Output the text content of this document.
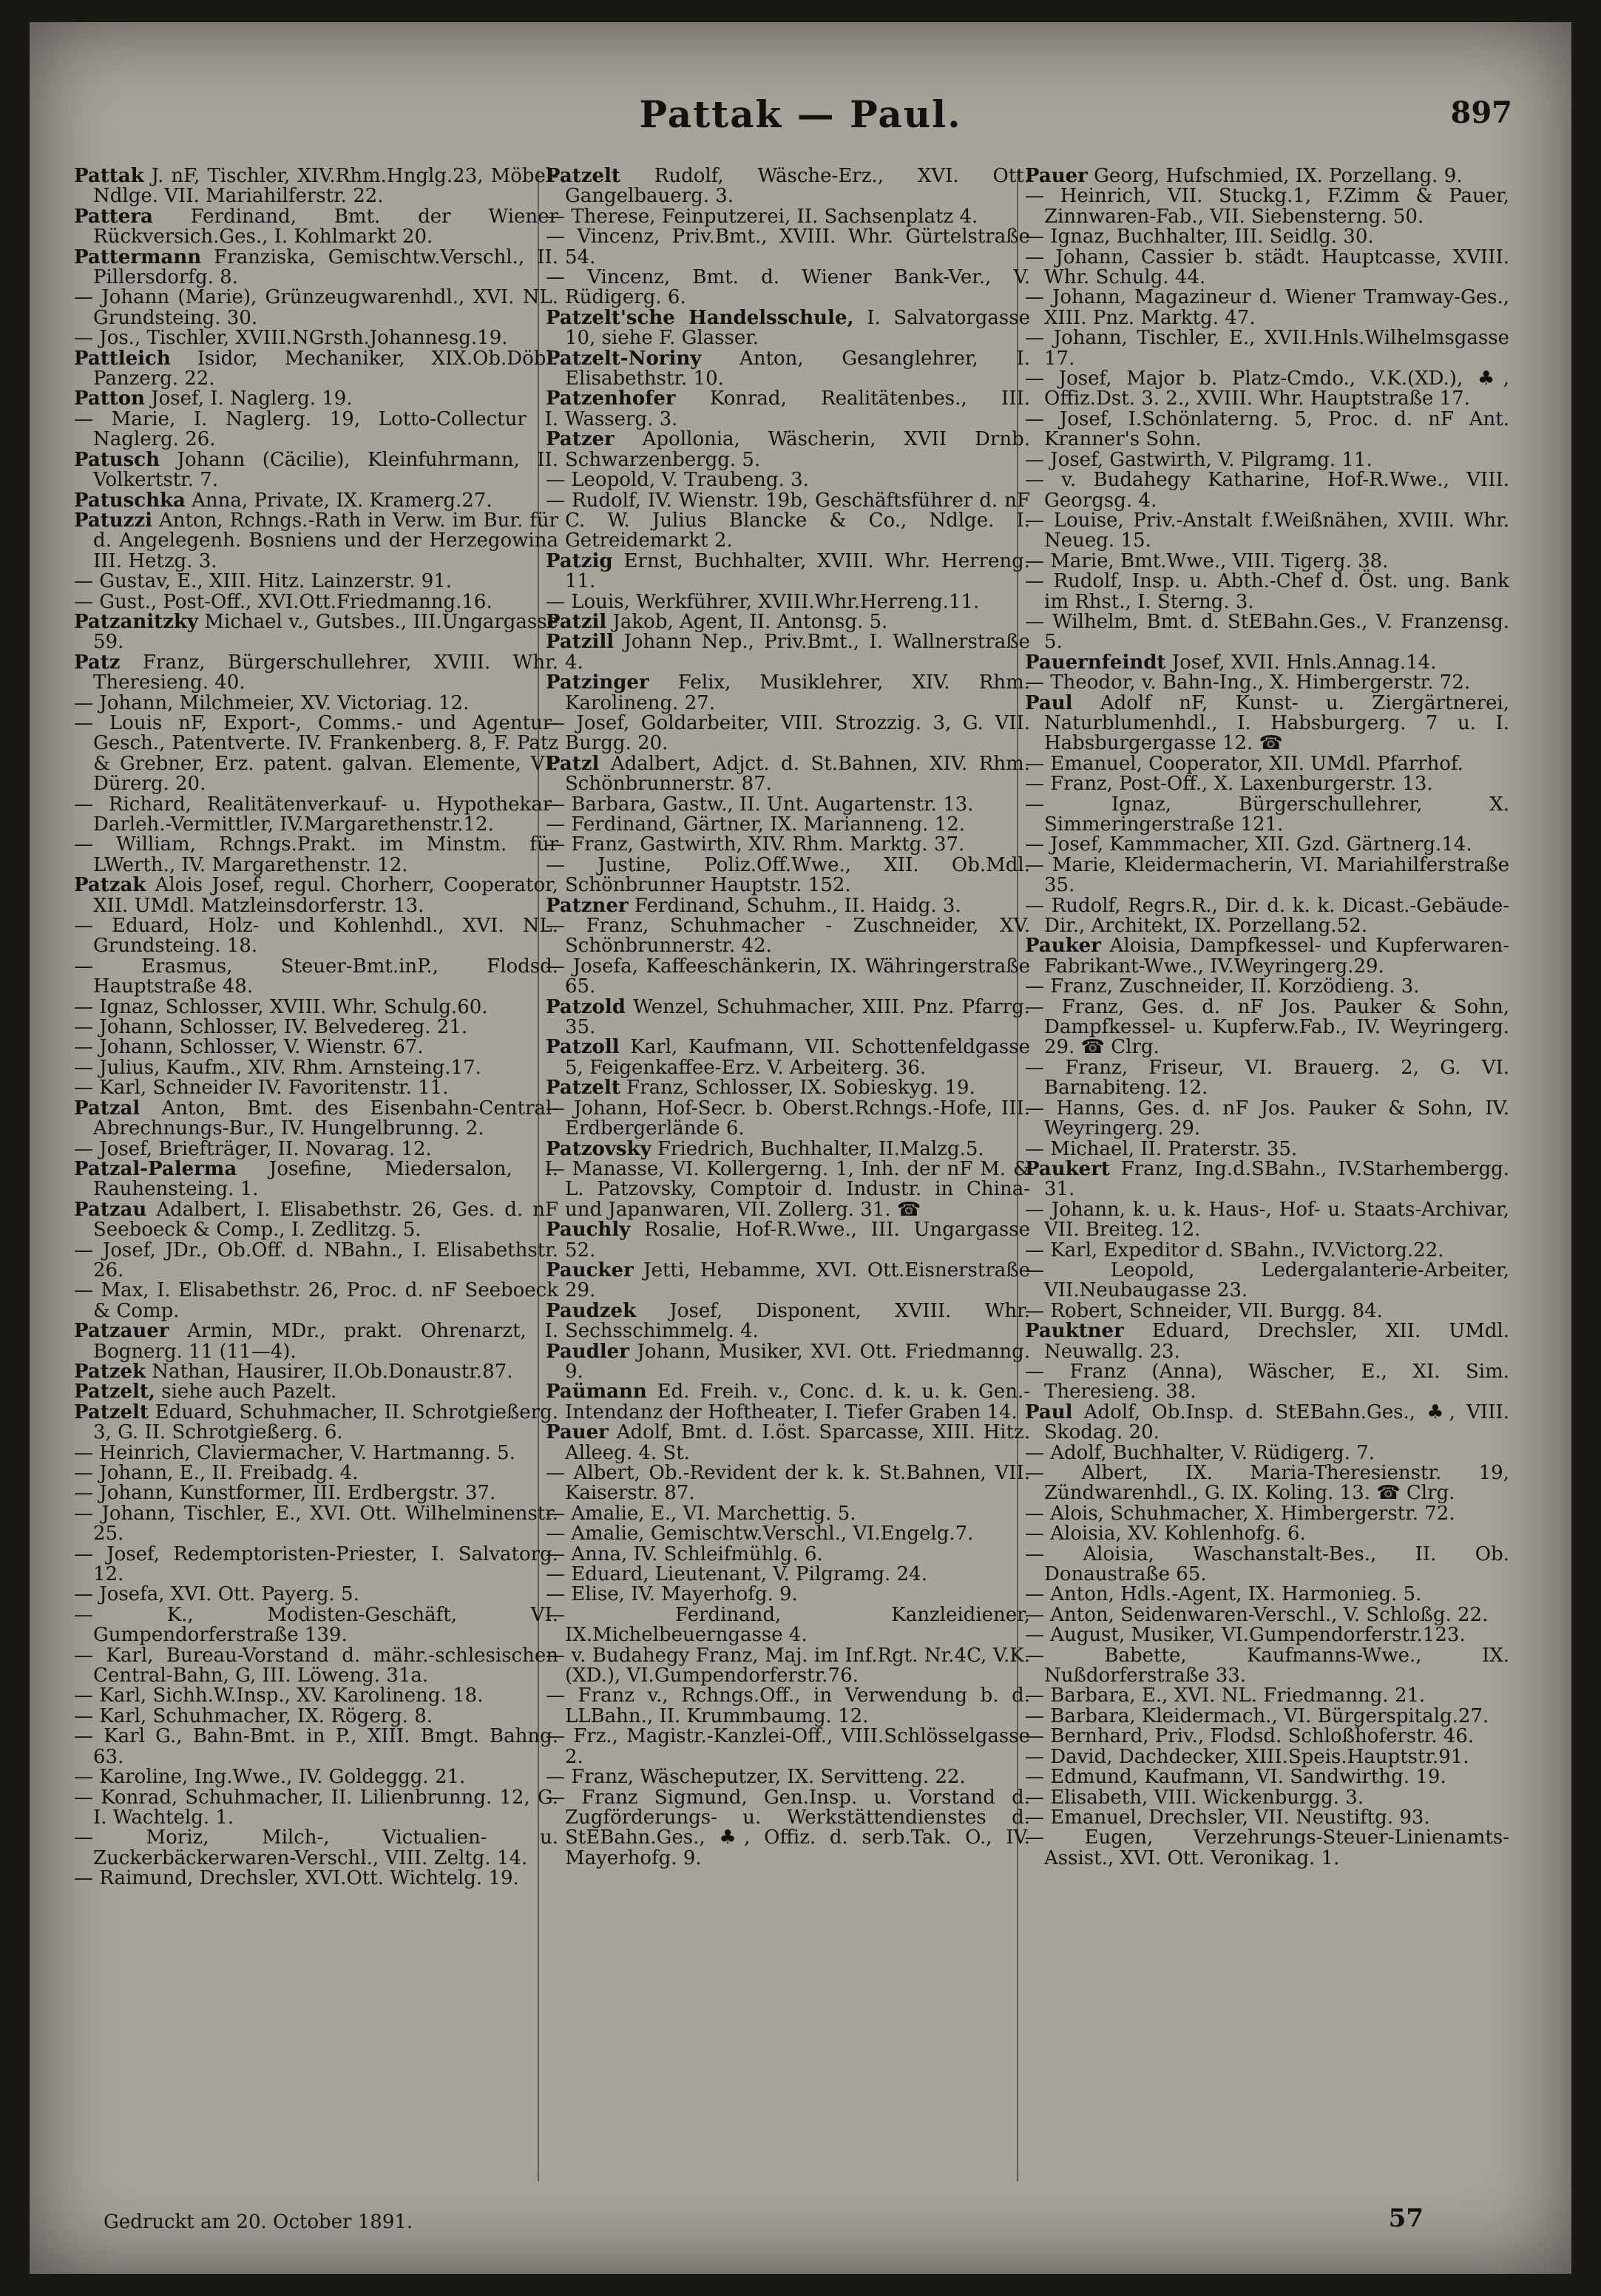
Pattak — Paul.	897

Pattak J. nF, Tischler, XIV.Rhm.Hnglg.23, Möbel-Ndlge. VII. Mariahilferstr. 22.

Pattera Ferdinand, Bmt. der Wiener Rückversich.Ges., I. Kohlmarkt 20.

Pattermann Franziska, Gemischtw.Verschl., II. Pillersdorfg. 8.

— Johann (Marie), Grünzeugwarenhdl., XVI. NL. Grundsteing. 30.

— Jos., Tischler, XVIII.NGrsth.Johannesg.19.

Pattleich Isidor, Mechaniker, XIX.Ob.Döbl. Panzerg. 22.

Patton Josef, I. Naglerg. 19.

— Marie, I. Naglerg. 19, Lotto-Collectur I. Naglerg. 26.

Patusch Johann (Cäcilie), Kleinfuhrmann, II. Volkertstr. 7.

Patuschka Anna, Private, IX. Kramerg.27.

Patuzzi Anton, Rchngs.-Rath in Verw. im Bur. für d. Angelegenh. Bosniens und der Herzegowina III. Hetzg. 3.

— Gustav, E., XIII. Hitz. Lainzerstr. 91.

— Gust., Post-Off., XVI.Ott.Friedmanng.16.

Patzanitzky Michael v., Gutsbes., III.Ungargasse 59.

Patz Franz, Bürgerschullehrer, XVIII. Whr. Theresieng. 40.

— Johann, Milchmeier, XV. Victoriag. 12.

— Louis nF, Export-, Comms.- und Agentur-Gesch., Patentverte. IV. Frankenberg. 8, F. Patz & Grebner, Erz. patent. galvan. Elemente, VI. Dürerg. 20.

— Richard, Realitätenverkauf- u. Hypothekar-Darleh.-Vermittler, IV.Margarethenstr.12.

— William, Rchngs.Prakt. im Minstm. für LWerth., IV. Margarethenstr. 12.

Patzak Alois Josef, regul. Chorherr, Cooperator, XII. UMdl. Matzleinsdorferstr. 13.

— Eduard, Holz- und Kohlenhdl., XVI. NL. Grundsteing. 18.

— Erasmus, Steuer-Bmt.inP., Flodsd. Hauptstraße 48.

— Ignaz, Schlosser, XVIII. Whr. Schulg.60.

— Johann, Schlosser, IV. Belvedereg. 21.

— Johann, Schlosser, V. Wienstr. 67.

— Julius, Kaufm., XIV. Rhm. Arnsteing.17.

— Karl, Schneider IV. Favoritenstr. 11.

Patzal Anton, Bmt. des Eisenbahn-Central-Abrechnungs-Bur., IV. Hungelbrunng. 2.

— Josef, Briefträger, II. Novarag. 12.

Patzal-Palerma Josefine, Miedersalon, I. Rauhensteing. 1.

Patzau Adalbert, I. Elisabethstr. 26, Ges. d. nF Seeboeck & Comp., I. Zedlitzg. 5.

— Josef, JDr., Ob.Off. d. NBahn., I. Elisabethstr. 26.

— Max, I. Elisabethstr. 26, Proc. d. nF Seeboeck & Comp.

Patzauer Armin, MDr., prakt. Ohrenarzt, I. Bognerg. 11 (11—4).

Patzek Nathan, Hausirer, II.Ob.Donaustr.87.

Patzelt, siehe auch Pazelt.

Patzelt Eduard, Schuhmacher, II. Schrotgießerg. 3, G. II. Schrotgießerg. 6.

— Heinrich, Claviermacher, V. Hartmanng. 5.

— Johann, E., II. Freibadg. 4.

— Johann, Kunstformer, III. Erdbergstr. 37.

— Johann, Tischler, E., XVI. Ott. Wilhelminenstr. 25.

— Josef, Redemptoristen-Priester, I. Salvatorg. 12.

— Josefa, XVI. Ott. Payerg. 5.

— K., Modisten-Geschäft, VI. Gumpendorferstraße 139.

— Karl, Bureau-Vorstand d. mähr.-schlesischen Central-Bahn, G, III. Löweng. 31a.

— Karl, Sichh.W.Insp., XV. Karolineng. 18.

— Karl, Schuhmacher, IX. Rögerg. 8.

— Karl G., Bahn-Bmt. in P., XIII. Bmgt. Bahng. 63.

— Karoline, Ing.Wwe., IV. Goldeggg. 21.

— Konrad, Schuhmacher, II. Lilienbrunng. 12, G. I. Wachtelg. 1.

— Moriz, Milch-, Victualien- u. Zuckerbäckerwaren-Verschl., VIII. Zeltg. 14.

— Raimund, Drechsler, XVI.Ott. Wichtelg. 19.

Patzelt Rudolf, Wäsche-Erz., XVI. Ott. Gangelbauerg. 3.

— Therese, Feinputzerei, II. Sachsenplatz 4.

— Vincenz, Priv.Bmt., XVIII. Whr. Gürtelstraße 54.

— Vincenz, Bmt. d. Wiener Bank-Ver., V. Rüdigerg. 6.

Patzelt'sche Handelsschule, I. Salvatorgasse 10, siehe F. Glasser.

Patzelt-Noriny Anton, Gesanglehrer, I. Elisabethstr. 10.

Patzenhofer Konrad, Realitätenbes., III. Wasserg. 3.

Patzer Apollonia, Wäscherin, XVII Drnb. Schwarzenbergg. 5.

— Leopold, V. Traubeng. 3.

— Rudolf, IV. Wienstr. 19b, Geschäftsführer d. nF C. W. Julius Blancke & Co., Ndlge. I. Getreidemarkt 2.

Patzig Ernst, Buchhalter, XVIII. Whr. Herreng. 11.

— Louis, Werkführer, XVIII.Whr.Herreng.11.

Patzil Jakob, Agent, II. Antonsg. 5.

Patzill Johann Nep., Priv.Bmt., I. Wallnerstraße 4.

Patzinger Felix, Musiklehrer, XIV. Rhm. Karolineng. 27.

— Josef, Goldarbeiter, VIII. Strozzig. 3, G. VII. Burgg. 20.

Patzl Adalbert, Adjct. d. St.Bahnen, XIV. Rhm. Schönbrunnerstr. 87.

— Barbara, Gastw., II. Unt. Augartenstr. 13.

— Ferdinand, Gärtner, IX. Marianneng. 12.

— Franz, Gastwirth, XIV. Rhm. Marktg. 37.

— Justine, Poliz.Off.Wwe., XII. Ob.Mdl. Schönbrunner Hauptstr. 152.

Patzner Ferdinand, Schuhm., II. Haidg. 3.

— Franz, Schuhmacher - Zuschneider, XV. Schönbrunnerstr. 42.

— Josefa, Kaffeeschänkerin, IX. Währingerstraße 65.

Patzold Wenzel, Schuhmacher, XIII. Pnz. Pfarrg. 35.

Patzoll Karl, Kaufmann, VII. Schottenfeldgasse 5, Feigenkaffee-Erz. V. Arbeiterg. 36.

Patzelt Franz, Schlosser, IX. Sobieskyg. 19.

— Johann, Hof-Secr. b. Oberst.Rchngs.-Hofe, III. Erdbergerlände 6.

Patzovsky Friedrich, Buchhalter, II.Malzg.5.

— Manasse, VI. Kollergerng. 1, Inh. der nF M. & L. Patzovsky, Comptoir d. Industr. in China- und Japanwaren, VII. Zollerg. 31. ☎

Pauchly Rosalie, Hof-R.Wwe., III. Ungargasse 52.

Paucker Jetti, Hebamme, XVI. Ott.Eisnerstraße 29.

Paudzek Josef, Disponent, XVIII. Whr. Sechsschimmelg. 4.

Paudler Johann, Musiker, XVI. Ott. Friedmanng. 9.

Paümann Ed. Freih. v., Conc. d. k. u. k. Gen.-Intendanz der Hoftheater, I. Tiefer Graben 14.

Pauer Adolf, Bmt. d. I.öst. Sparcasse, XIII. Hitz. Alleeg. 4. St.

— Albert, Ob.-Revident der k. k. St.Bahnen, VII. Kaiserstr. 87.

— Amalie, E., VI. Marchettig. 5.

— Amalie, Gemischtw.Verschl., VI.Engelg.7.

— Anna, IV. Schleifmühlg. 6.

— Eduard, Lieutenant, V. Pilgramg. 24.

— Elise, IV. Mayerhofg. 9.

— Ferdinand, Kanzleidiener, IX.Michelbeuerngasse 4.

— v. Budahegy Franz, Maj. im Inf.Rgt. Nr.4C, V.K.(XD.), VI.Gumpendorferstr.76.

— Franz v., Rchngs.Off., in Verwendung b. d. LLBahn., II. Krummbaumg. 12.

— Frz., Magistr.-Kanzlei-Off., VIII.Schlösselgasse 2.

— Franz, Wäscheputzer, IX. Servitteng. 22.

— Franz Sigmund, Gen.Insp. u. Vorstand d. Zugförderungs- u. Werkstättendienstes d. StEBahn.Ges., ♣, Offiz. d. serb.Tak. O., IV. Mayerhofg. 9.

Pauer Georg, Hufschmied, IX. Porzellang. 9.

— Heinrich, VII. Stuckg.1, F.Zimm & Pauer, Zinnwaren-Fab., VII. Siebensterng. 50.

— Ignaz, Buchhalter, III. Seidlg. 30.

— Johann, Cassier b. städt. Hauptcasse, XVIII. Whr. Schulg. 44.

— Johann, Magazineur d. Wiener Tramway-Ges., XIII. Pnz. Marktg. 47.

— Johann, Tischler, E., XVII.Hnls.Wilhelmsgasse 17.

— Josef, Major b. Platz-Cmdo., V.K.(XD.), ♣, Offiz.Dst. 3. 2., XVIII. Whr. Hauptstraße 17.

— Josef, I.Schönlaterng. 5, Proc. d. nF Ant. Kranner's Sohn.

— Josef, Gastwirth, V. Pilgramg. 11.

— v. Budahegy Katharine, Hof-R.Wwe., VIII. Georgsg. 4.

— Louise, Priv.-Anstalt f.Weißnähen, XVIII. Whr. Neueg. 15.

— Marie, Bmt.Wwe., VIII. Tigerg. 38.

— Rudolf, Insp. u. Abth.-Chef d. Öst. ung. Bank im Rhst., I. Sterng. 3.

— Wilhelm, Bmt. d. StEBahn.Ges., V. Franzensg. 5.

Pauernfeindt Josef, XVII. Hnls.Annag.14.

— Theodor, v. Bahn-Ing., X. Himbergerstr. 72.

Paul Adolf nF, Kunst- u. Ziergärtnerei, Naturblumenhdl., I. Habsburgerg. 7 u. I. Habsburgergasse 12. ☎

— Emanuel, Cooperator, XII. UMdl. Pfarrhof.

— Franz, Post-Off., X. Laxenburgerstr. 13.

— Ignaz, Bürgerschullehrer, X. Simmeringerstraße 121.

— Josef, Kammmacher, XII. Gzd. Gärtnerg.14.

— Marie, Kleidermacherin, VI. Mariahilferstraße 35.

— Rudolf, Regrs.R., Dir. d. k. k. Dicast.-Gebäude-Dir., Architekt, IX. Porzellang.52.

Pauker Aloisia, Dampfkessel- und Kupferwaren-Fabrikant-Wwe., IV.Weyringerg.29.

— Franz, Zuschneider, II. Korzödieng. 3.

— Franz, Ges. d. nF Jos. Pauker & Sohn, Dampfkessel- u. Kupferw.Fab., IV. Weyringerg. 29. ☎ Clrg.

— Franz, Friseur, VI. Brauerg. 2, G. VI. Barnabiteng. 12.

— Hanns, Ges. d. nF Jos. Pauker & Sohn, IV. Weyringerg. 29.

— Michael, II. Praterstr. 35.

Paukert Franz, Ing.d.SBahn., IV.Starhembergg. 31.

— Johann, k. u. k. Haus-, Hof- u. Staats-Archivar, VII. Breiteg. 12.

— Karl, Expeditor d. SBahn., IV.Victorg.22.

— Leopold, Ledergalanterie-Arbeiter, VII.Neubaugasse 23.

— Robert, Schneider, VII. Burgg. 84.

Pauktner Eduard, Drechsler, XII. UMdl. Neuwallg. 23.

— Franz (Anna), Wäscher, E., XI. Sim. Theresieng. 38.

Paul Adolf, Ob.Insp. d. StEBahn.Ges., ♣, VIII. Skodag. 20.

— Adolf, Buchhalter, V. Rüdigerg. 7.

— Albert, IX. Maria-Theresienstr. 19, Zündwarenhdl., G. IX. Koling. 13. ☎ Clrg.

— Alois, Schuhmacher, X. Himbergerstr. 72.

— Aloisia, XV. Kohlenhofg. 6.

— Aloisia, Waschanstalt-Bes., II. Ob. Donaustraße 65.

— Anton, Hdls.-Agent, IX. Harmonieg. 5.

— Anton, Seidenwaren-Verschl., V. Schloßg. 22.

— August, Musiker, VI.Gumpendorferstr.123.

— Babette, Kaufmanns-Wwe., IX. Nußdorferstraße 33.

— Barbara, E., XVI. NL. Friedmanng. 21.

— Barbara, Kleidermach., VI. Bürgerspitalg.27.

— Bernhard, Priv., Flodsd. Schloßhoferstr. 46.

— David, Dachdecker, XIII.Speis.Hauptstr.91.

— Edmund, Kaufmann, VI. Sandwirthg. 19.

— Elisabeth, VIII. Wickenburgg. 3.

— Emanuel, Drechsler, VII. Neustiftg. 93.

— Eugen, Verzehrungs-Steuer-Linienamts-Assist., XVI. Ott. Veronikag. 1.

Gedruckt am 20. October 1891.	57
